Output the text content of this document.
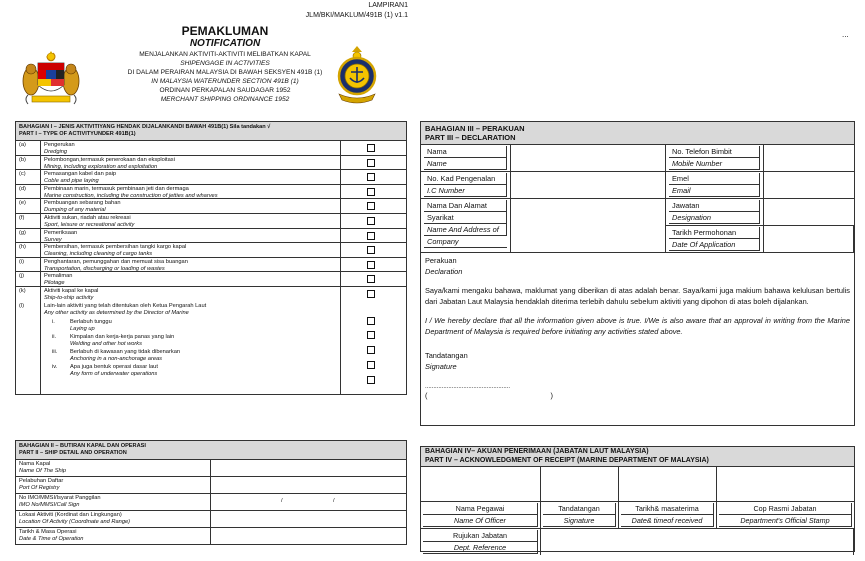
LAMPIRAN1
JLM/BKI/MAKLUM/491B (1) v1.1
...
PEMAKLUMAN
NOTIFICATION
MENJALANKAN AKTIVITI-AKTIVITI MELIBATKAN KAPAL
SHIPENGAGE IN ACTIVITIES
DI DALAM PERAIRAN MALAYSIA DI BAWAH SEKSYEN 491B (1)
IN MALAYSIA WATERUNDER SECTION 491B (1)
ORDINAN PERKAPALAN SAUDAGAR 1952
MERCHANT SHIPPING ORDINANCE 1952
BAHAGIAN I – JENIS AKTIVITIYANG HENDAK DIJALANKANDI BAWAH 491B(1) Sila tandakan √
PART I – TYPE OF ACTIVITYUNDER 491B(1)
(a)	Pengerukan
Dredging
(b)	Pelombongan,termasuk penerokaan dan eksploitasi
Mining, including exploration and exploitation
(c)	Pemasangan kabel dan paip
Coble and pipe laying
(d)	Pembinaan marin, termasuk pembinaan jeti dan dermaga
Marine construction, including the construction of jetties and wharves
(e)	Pembuangan sebarang bahan
Dumping of any material
(f)	Aktiviti sukan, riadah atau rekreasi
Sport, leisure or recreational activity
(g)	Pemeriksaan
Survey
(h)	Pembersihan, termasuk pembersihan tangki kargo kapal
Cleaning, including cleaning of cargo tanks
(i)	Penghantaran, pemunggahan dan memuat sisa buangan
Transportation, discharging or loading of wastes
(j)	Pemaliman
Pilotage
(k)	Aktiviti kapal ke kapal
Ship-to-ship activity
(l)	Lain-lain aktiviti yang telah ditentukan oleh Ketua Pengarah Laut
Any other activity as determined by the Director of Marine
i.	Berlabuh tunggu
Laying up
ii.	Kimpalan dan kerja-kerja panas yang lain
Welding and other hot works
iii.	Berlabuh di kawasan yang tidak dibenarkan
Anchoring in a non-anchorage areas
iv.	Apa juga bentuk operasi dasar laut
Any form of underwater operations
BAHAGIAN II – BUTIRAN KAPAL DAN OPERASI
PART II – SHIP DETAIL AND OPERATION
Nama Kapal
Name Of The Ship
Pelabuhan Daftar
Port Of Registry
No IMO/MMSI/Isyarat Panggilan
IMO No/MMSI/Call Sign
/	/
Lokasi Aktiviti (Kordinat dan Lingkungan)
Location Of Activity (Coordinate and Range)
Tarikh & Masa Operasi
Date & Time of Operation
BAHAGIAN III – PERAKUAN
PART III – DECLARATION
Nama
Name
No. Telefon Bimbit
Mobile Number
No. Kad Pengenalan
I.C Number
Emel
Email
Nama Dan Alamat
Syarikat
Name And Address of
Company
Jawatan
Designation
Tarikh Permohonan
Date Of Application
Perakuan
Declaration

Saya/kami mengaku bahawa, maklumat yang diberikan di atas adalah benar. Saya/kami juga makium bahawa kelulusan bertulis dari Jabatan Laut Malaysia hendaklah diterima terlebih dahulu sebelum aktiviti yang dipohon di atas boleh dijalankan.

I / We hereby declare that all the information given above is true. I/We is also aware that an approval in writing from the Marine Department of Malaysia is required before initiating any activities stated above.

Tandatangan
Signature
...................................................
(	)
BAHAGIAN IV– AKUAN PENERIMAAN (JABATAN LAUT MALAYSIA)
PART IV – ACKNOWLEDGMENT OF RECEIPT (MARINE DEPARTMENT OF MALAYSIA)
Nama Pegawai
Name Of Officer
Tandatangan
Signature
Tarikh& masaterima
Date& timeof received
Cop Rasmi Jabatan
Department's Official Stamp
Rujukan Jabatan
Dept. Reference
